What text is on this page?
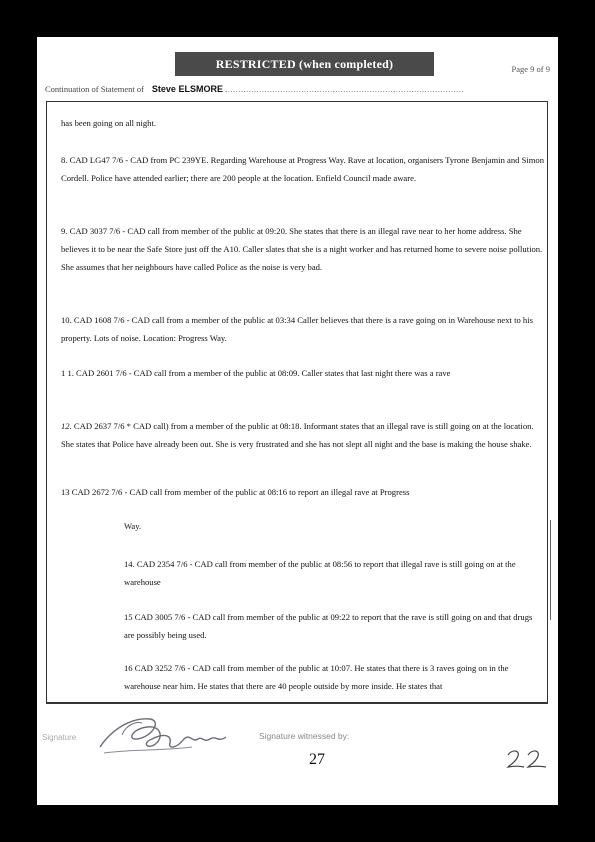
RESTRICTED (when completed)	Page 9 of 9
Continuation of Statement of Steve ELSMORE ...........................................................................................
has been going on all night.
8. CAD LG47 7/6 - CAD from PC 239YE. Regarding Warehouse at Progress Way. Rave at location, organisers Tyrone Benjamin and Simon Cordell. Police have attended earlier; there are 200 people at the location. Enfield Council made aware.
9. CAD 3037 7/6 - CAD call from member of the public at 09:20. She states that there is an illegal rave near to her home address. She believes it to be near the Safe Store just off the A10. Caller slates that she is a night worker and has returned home to severe noise pollution. She assumes that her neighbours have called Police as the noise is very bad.
10. CAD 1608 7/6 - CAD call from a member of the public at 03:34 Caller believes that there is a rave going on in Warehouse next to his property. Lots of noise. Location: Progress Way.
1 1. CAD 2601 7/6 - CAD call from a member of the public at 08:09. Caller states that last night there was a rave
12. CAD 2637 7/6 * CAD call) from a member of the public at 08:18. Informant states that an illegal rave is still going on at the location. She states that Police have already been out. She is very frustrated and she has not slept all night and the base is making the house shake.
13 CAD 2672 7/6 - CAD call from member of the public at 08:16 to report an illegal rave at Progress
Way.
14. CAD 2354 7/6 - CAD call from member of the public at 08:56 to report that illegal rave is still going on at the warehouse
15 CAD 3005 7/6 - CAD call from member of the public at 09:22 to report that the rave is still going on and that drugs are possibly being used.
16 CAD 3252 7/6 - CAD call from member of the public at 10:07. He states that there is 3 raves going on in the warehouse near him. He states that there are 40 people outside by more inside. He states that
Signature	Signature witnessed by:
27
